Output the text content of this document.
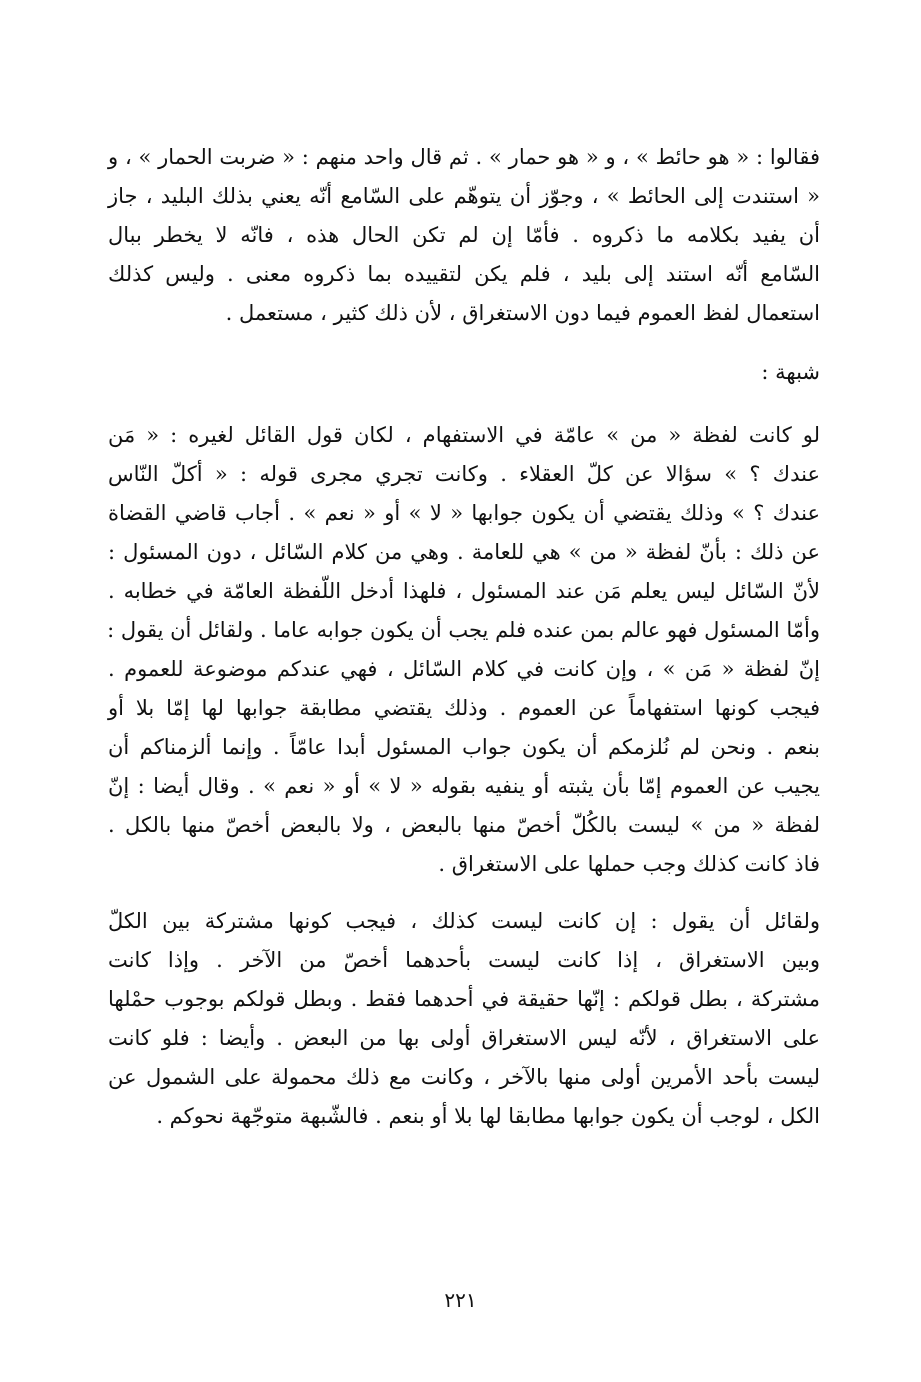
فقالوا : « هو حائط » ، و « هو حمار » . ثم قال واحد منهم : « ضربت الحمار » ، و
« استندت إلى الحائط » ، وجوّز أن يتوهّم على السّامع أنّه يعني بذلك البليد ، جاز
أن يفيد بكلامه ما ذكروه . فأمّا إن لم تكن الحال هذه ، فانّه لا يخطر ببال
السّامع أنّه استند إلى بليد ، فلم يكن لتقييده بما ذكروه معنى . وليس كذلك
استعمال لفظ العموم فيما دون الاستغراق ، لأن ذلك كثير ، مستعمل .
شبهة :
لو كانت لفظة « من » عامّة في الاستفهام ، لكان قول القائل لغيره : « مَن
عندك ؟ » سؤالا عن كلّ العقلاء . وكانت تجري مجرى قوله : « أكلّ النّاس
عندك ؟ » وذلك يقتضي أن يكون جوابها « لا » أو « نعم » . أجاب قاضي القضاة
عن ذلك : بأنّ لفظة « من » هي للعامة . وهي من كلام السّائل ، دون المسئول :
لأنّ السّائل ليس يعلم مَن عند المسئول ، فلهذا أدخل اللّفظة العامّة في خطابه .
وأمّا المسئول فهو عالم بمن عنده فلم يجب أن يكون جوابه عاما . ولقائل أن يقول :
إنّ لفظة « مَن » ، وإن كانت في كلام السّائل ، فهي عندكم موضوعة للعموم .
فيجب كونها استفهاماً عن العموم . وذلك يقتضي مطابقة جوابها لها إمّا بلا أو
بنعم . ونحن لم نُلزمكم أن يكون جواب المسئول أبدا عامّاً . وإنما ألزمناكم أن
يجيب عن العموم إمّا بأن يثبته أو ينفيه بقوله « لا » أو « نعم » . وقال أيضا : إنّ
لفظة « من » ليست بالكُلّ أخصّ منها بالبعض ، ولا بالبعض أخصّ منها بالكل .
فاذ كانت كذلك وجب حملها على الاستغراق .
ولقائل أن يقول : إن كانت ليست كذلك ، فيجب كونها مشتركة بين الكلّ
وبين الاستغراق ، إذا كانت ليست بأحدهما أخصّ من الآخر . وإذا كانت
مشتركة ، بطل قولكم : إنّها حقيقة في أحدهما فقط . وبطل قولكم بوجوب حمْلها
على الاستغراق ، لأنّه ليس الاستغراق أولى بها من البعض . وأيضا : فلو كانت
ليست بأحد الأمرين أولى منها بالآخر ، وكانت مع ذلك محمولة على الشمول عن
الكل ، لوجب أن يكون جوابها مطابقا لها بلا أو بنعم . فالشّبهة متوجّهة نحوكم .
٢٢١
